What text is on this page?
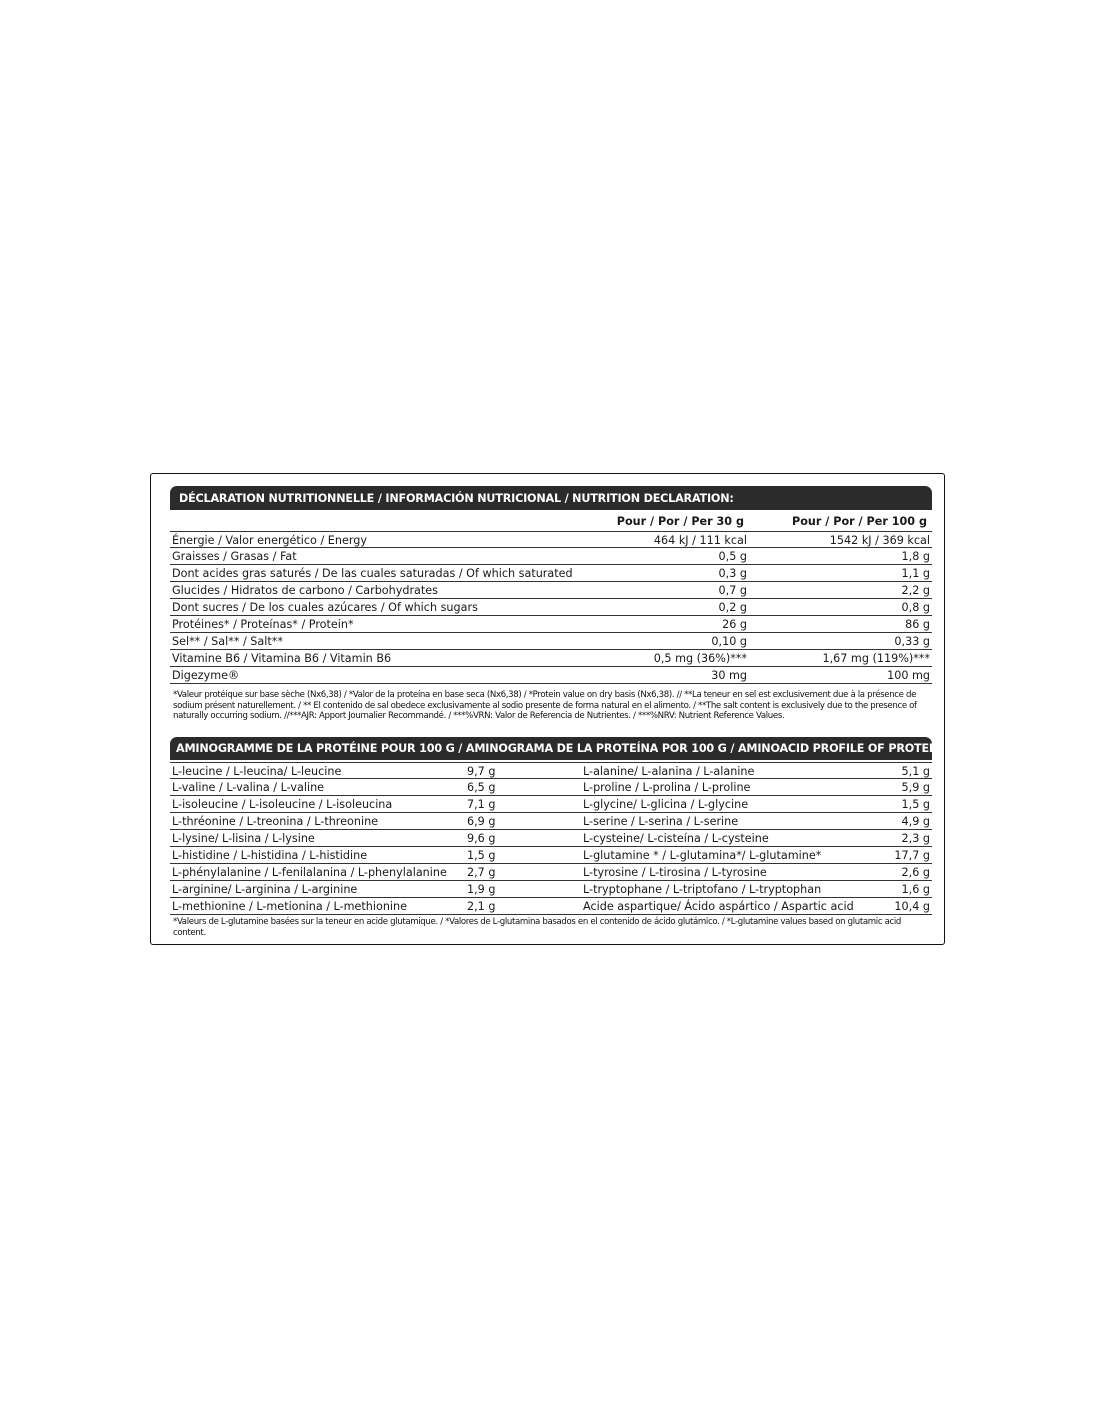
DÉCLARATION NUTRITIONNELLE / INFORMACIÓN NUTRICIONAL / NUTRITION DECLARATION:
Pour / Por / Per 30 g	Pour / Por / Per 100 g
Énergie / Valor energético / Energy	464 kJ / 111 kcal	1542 kJ / 369 kcal
Graisses / Grasas / Fat	0,5 g	1,8 g
Dont acides gras saturés / De las cuales saturadas / Of which saturated	0,3 g	1,1 g
Glucides / Hidratos de carbono / Carbohydrates	0,7 g	2,2 g
Dont sucres / De los cuales azúcares / Of which sugars	0,2 g	0,8 g
Protéines* / Proteínas* / Protein*	26 g	86 g
Sel** / Sal** / Salt**	0,10 g	0,33 g
Vitamine B6 / Vitamina B6 / Vitamin B6	0,5 mg (36%)***	1,67 mg (119%)***
Digezyme®	30 mg	100 mg
*Valeur protéique sur base sèche (Nx6,38) / *Valor de la proteína en base seca (Nx6,38) / *Protein value on dry basis (Nx6,38). // **La teneur en sel est exclusivement due à la présence de sodium présent naturellement. / ** El contenido de sal obedece exclusivamente al sodio presente de forma natural en el alimento. / **The salt content is exclusively due to the presence of naturally occurring sodium. //***AJR: Apport Journalier Recommandé. / ***%VRN: Valor de Referencia de Nutrientes. / ***%NRV: Nutrient Reference Values.
AMINOGRAMME DE LA PROTÉINE POUR 100 G / AMINOGRAMA DE LA PROTEÍNA POR 100 G / AMINOACID PROFILE OF PROTEIN PER 100 G :
L-leucine / L-leucina/ L-leucine	9,7 g	L-alanine/ L-alanina / L-alanine	5,1 g
L-valine / L-valina / L-valine	6,5 g	L-proline / L-prolina / L-proline	5,9 g
L-isoleucine / L-isoleucine / L-isoleucina	7,1 g	L-glycine/ L-glicina / L-glycine	1,5 g
L-thréonine / L-treonina / L-threonine	6,9 g	L-serine / L-serina / L-serine	4,9 g
L-lysine/ L-lisina / L-lysine	9,6 g	L-cysteine/ L-cisteína / L-cysteine	2,3 g
L-histidine / L-histidina / L-histidine	1,5 g	L-glutamine * / L-glutamina*/ L-glutamine*	17,7 g
L-phénylalanine / L-fenilalanina / L-phenylalanine 2,7 g	L-tyrosine / L-tirosina / L-tyrosine	2,6 g
L-arginine/ L-arginina / L-arginine	1,9 g	L-tryptophane / L-triptofano / L-tryptophan	1,6 g
L-methionine / L-metionina / L-methionine	2,1 g	Acide aspartique/ Ácido aspártico / Aspartic acid	10,4 g
*Valeurs de L-glutamine basées sur la teneur en acide glutamique. / *Valores de L-glutamina basados en el contenido de ácido glutámico. / *L-glutamine values based on glutamic acid content.
